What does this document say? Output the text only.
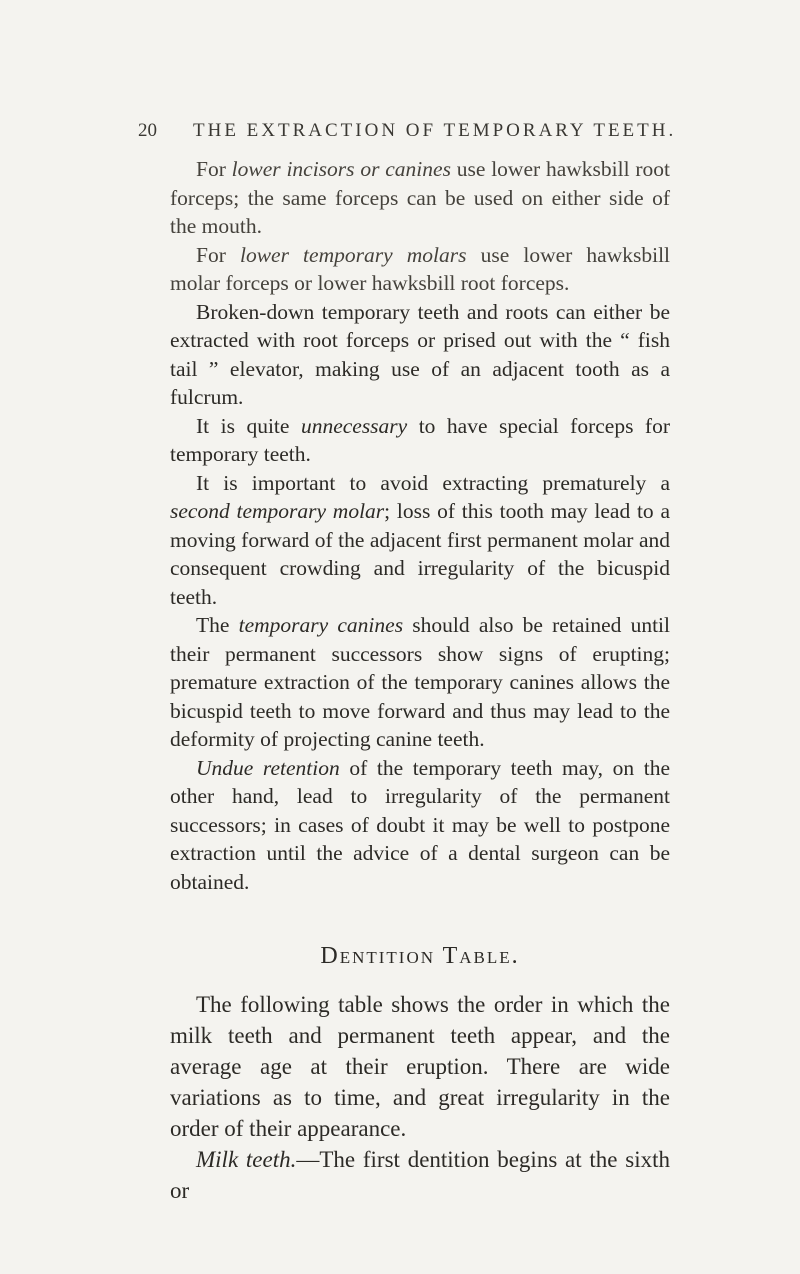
20 THE EXTRACTION OF TEMPORARY TEETH.

For lower incisors or canines use lower hawksbill root forceps; the same forceps can be used on either side of the mouth.

For lower temporary molars use lower hawksbill molar forceps or lower hawksbill root forceps.

Broken-down temporary teeth and roots can either be extracted with root forceps or prised out with the “ fish tail ” elevator, making use of an adjacent tooth as a fulcrum.

It is quite unnecessary to have special forceps for temporary teeth.

It is important to avoid extracting prematurely a second temporary molar; loss of this tooth may lead to a moving forward of the adjacent first permanent molar and consequent crowding and irregularity of the bicuspid teeth.

The temporary canines should also be retained until their permanent successors show signs of erupting; premature extraction of the temporary canines allows the bicuspid teeth to move forward and thus may lead to the deformity of projecting canine teeth.

Undue retention of the temporary teeth may, on the other hand, lead to irregularity of the permanent successors; in cases of doubt it may be well to postpone extraction until the advice of a dental surgeon can be obtained.

Dentition Table.

The following table shows the order in which the milk teeth and permanent teeth appear, and the average age at their eruption. There are wide variations as to time, and great irregularity in the order of their appearance.

Milk teeth.—The first dentition begins at the sixth or
